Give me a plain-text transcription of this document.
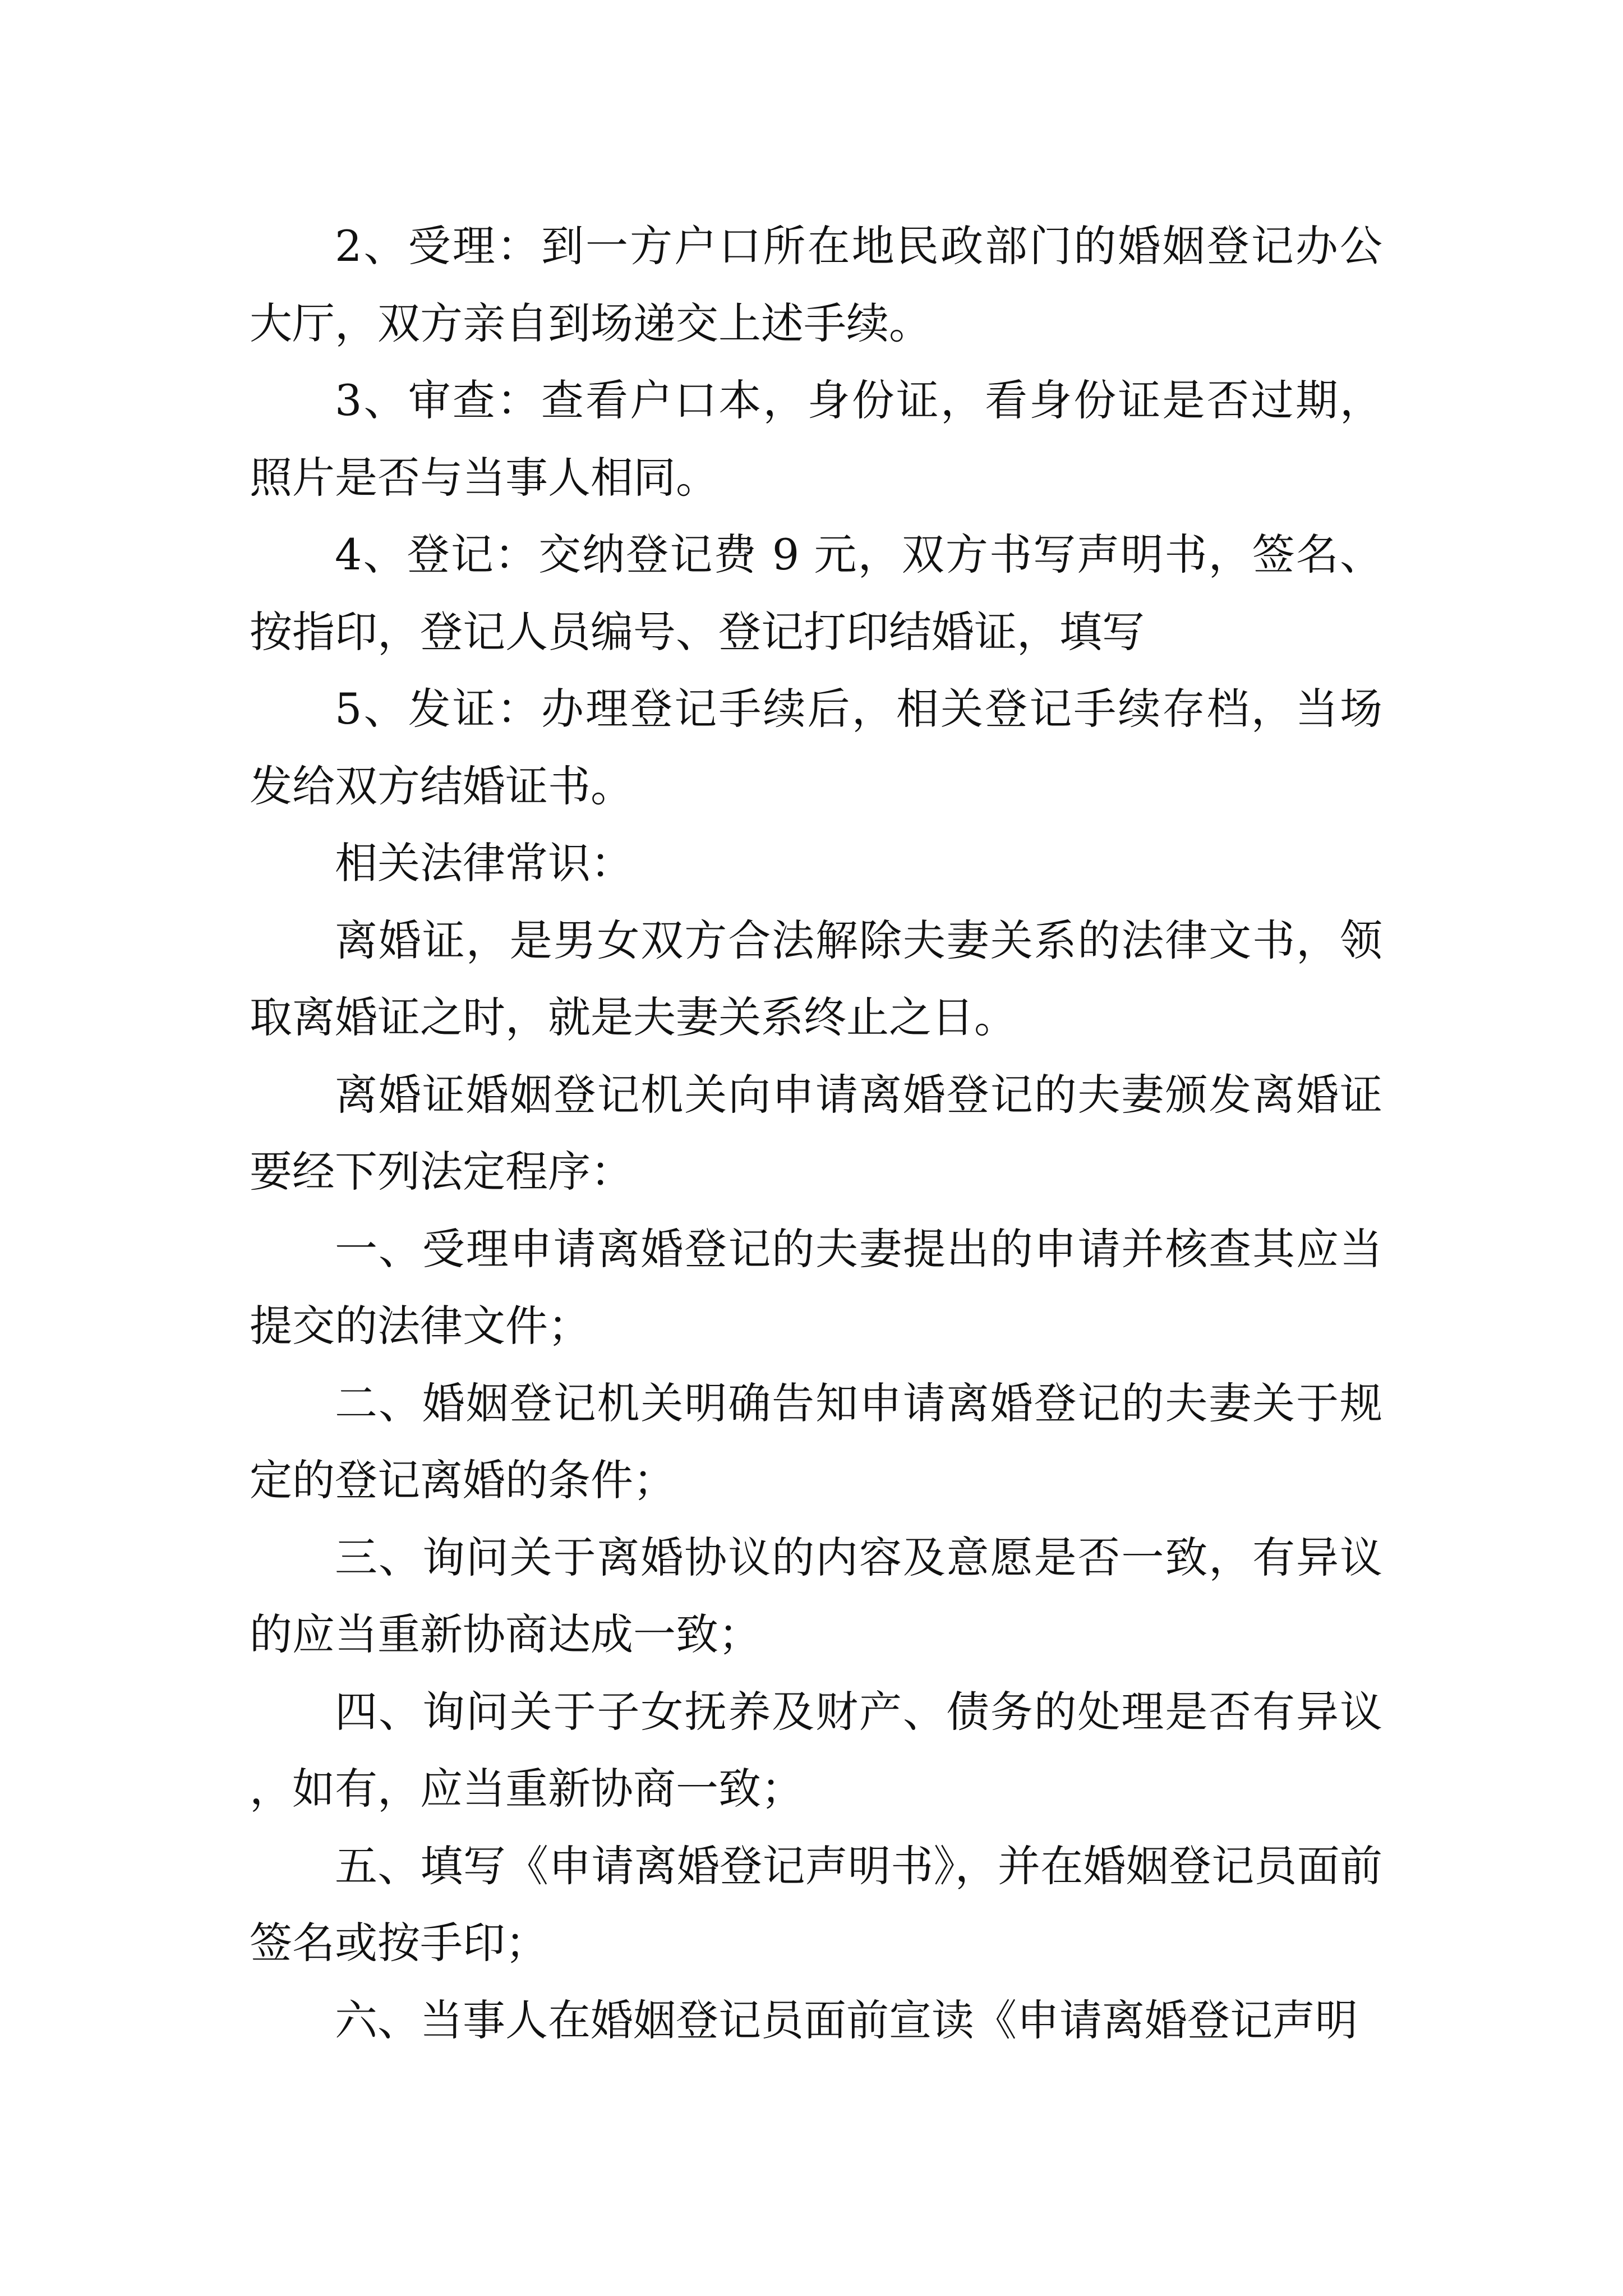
2、受理：到一方户口所在地民政部门的婚姻登记办公大厅，双方亲自到场递交上述手续。

3、审查：查看户口本，身份证，看身份证是否过期，照片是否与当事人相同。

4、登记：交纳登记费 9 元，双方书写声明书，签名、按指印，登记人员编号、登记打印结婚证，填写

5、发证：办理登记手续后，相关登记手续存档，当场发给双方结婚证书。

相关法律常识：

离婚证，是男女双方合法解除夫妻关系的法律文书，领取离婚证之时，就是夫妻关系终止之日。

离婚证婚姻登记机关向申请离婚登记的夫妻颁发离婚证要经下列法定程序：

一、受理申请离婚登记的夫妻提出的申请并核查其应当提交的法律文件；

二、婚姻登记机关明确告知申请离婚登记的夫妻关于规定的登记离婚的条件；

三、询问关于离婚协议的内容及意愿是否一致，有异议的应当重新协商达成一致；

四、询问关于子女抚养及财产、债务的处理是否有异议，如有，应当重新协商一致；

五、填写《申请离婚登记声明书》，并在婚姻登记员面前签名或按手印；

六、当事人在婚姻登记员面前宣读《申请离婚登记声明
